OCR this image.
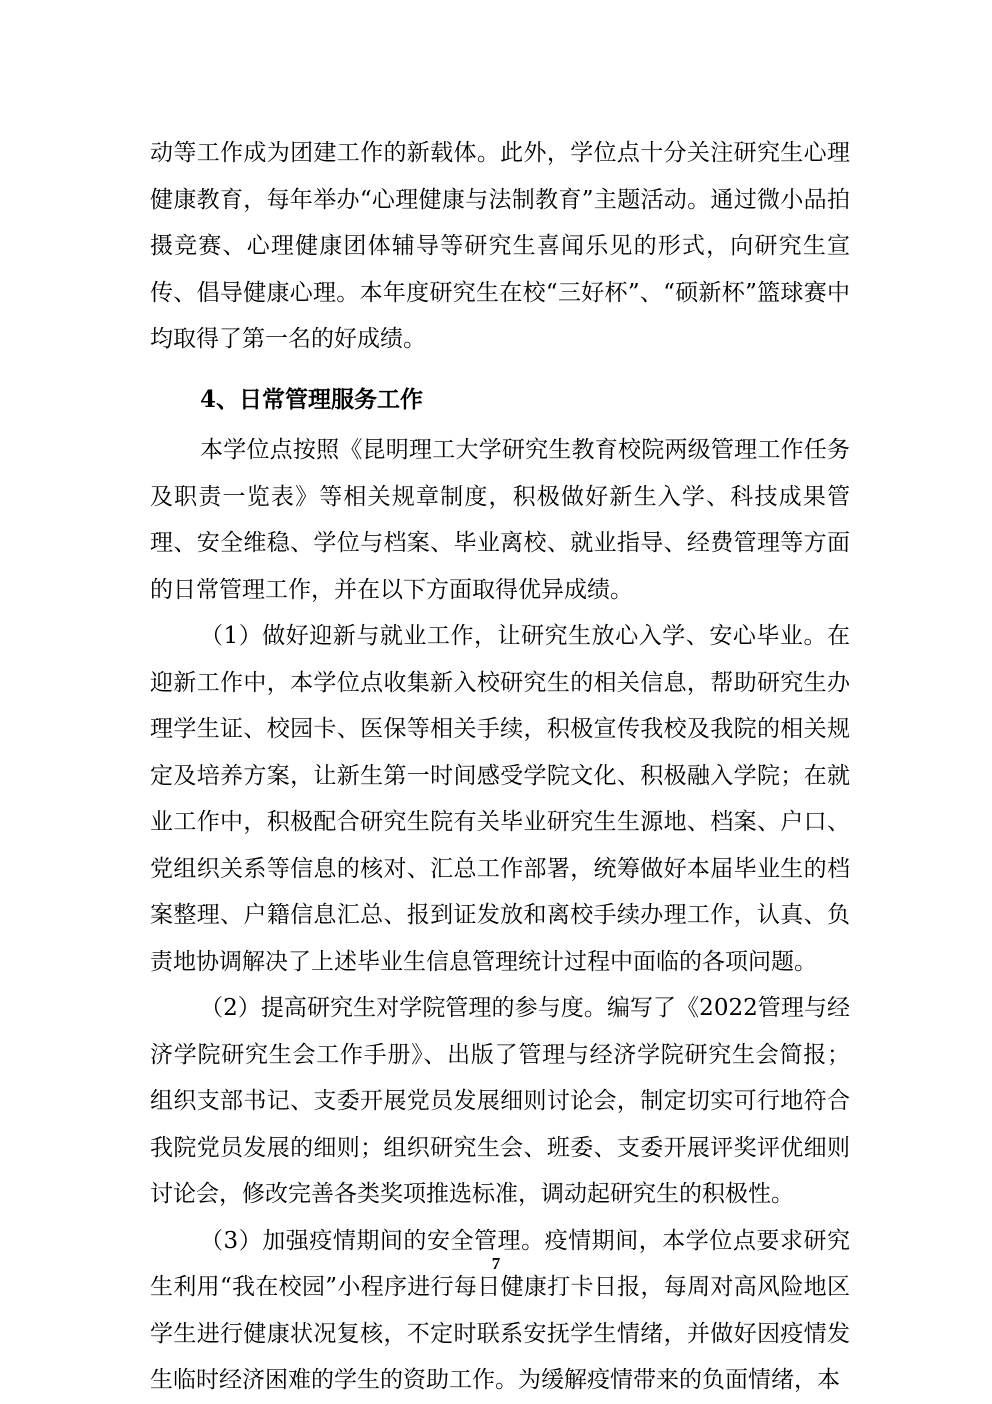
动等工作成为团建工作的新载体。此外，学位点十分关注研究生心理健康教育，每年举办“心理健康与法制教育”主题活动。通过微小品拍摄竞赛、心理健康团体辅导等研究生喜闻乐见的形式，向研究生宣传、倡导健康心理。本年度研究生在校“三好杯”、“硕新杯”篮球赛中均取得了第一名的好成绩。

4、日常管理服务工作

本学位点按照《昆明理工大学研究生教育校院两级管理工作任务及职责一览表》等相关规章制度，积极做好新生入学、科技成果管理、安全维稳、学位与档案、毕业离校、就业指导、经费管理等方面的日常管理工作，并在以下方面取得优异成绩。

（1）做好迎新与就业工作，让研究生放心入学、安心毕业。在迎新工作中，本学位点收集新入校研究生的相关信息，帮助研究生办理学生证、校园卡、医保等相关手续，积极宣传我校及我院的相关规定及培养方案，让新生第一时间感受学院文化、积极融入学院；在就业工作中，积极配合研究生院有关毕业研究生生源地、档案、户口、党组织关系等信息的核对、汇总工作部署，统筹做好本届毕业生的档案整理、户籍信息汇总、报到证发放和离校手续办理工作，认真、负责地协调解决了上述毕业生信息管理统计过程中面临的各项问题。

（2）提高研究生对学院管理的参与度。编写了《2022管理与经济学院研究生会工作手册》、出版了管理与经济学院研究生会简报；组织支部书记、支委开展党员发展细则讨论会，制定切实可行地符合我院党员发展的细则；组织研究生会、班委、支委开展评奖评优细则讨论会，修改完善各类奖项推选标准，调动起研究生的积极性。

（3）加强疫情期间的安全管理。疫情期间，本学位点要求研究生利用“我在校园”小程序进行每日健康打卡日报，每周对高风险地区学生进行健康状况复核，不定时联系安抚学生情绪，并做好因疫情发生临时经济困难的学生的资助工作。为缓解疫情带来的负面情绪，本

7
